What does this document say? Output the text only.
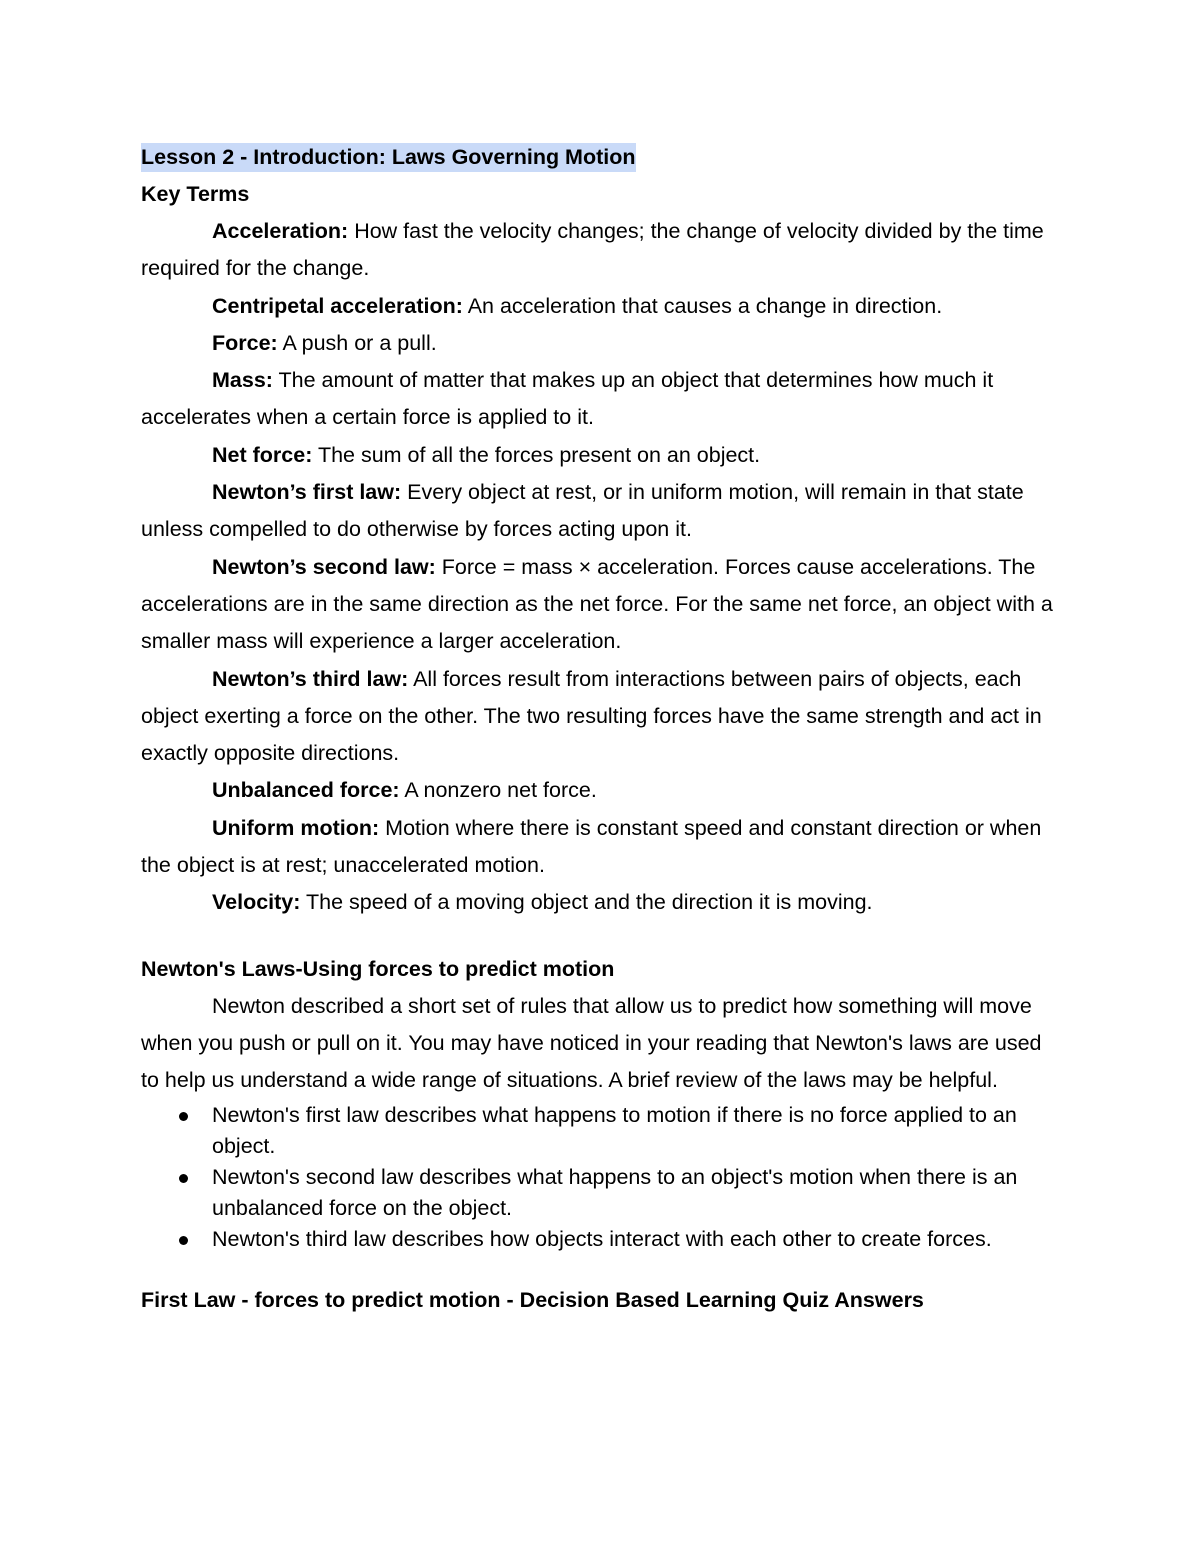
Lesson 2 - Introduction: Laws Governing Motion
Key Terms
Acceleration: How fast the velocity changes; the change of velocity divided by the time required for the change.
Centripetal acceleration: An acceleration that causes a change in direction.
Force: A push or a pull.
Mass: The amount of matter that makes up an object that determines how much it accelerates when a certain force is applied to it.
Net force: The sum of all the forces present on an object.
Newton’s first law: Every object at rest, or in uniform motion, will remain in that state unless compelled to do otherwise by forces acting upon it.
Newton’s second law: Force = mass × acceleration. Forces cause accelerations. The accelerations are in the same direction as the net force. For the same net force, an object with a smaller mass will experience a larger acceleration.
Newton’s third law: All forces result from interactions between pairs of objects, each object exerting a force on the other. The two resulting forces have the same strength and act in exactly opposite directions.
Unbalanced force: A nonzero net force.
Uniform motion: Motion where there is constant speed and constant direction or when the object is at rest; unaccelerated motion.
Velocity: The speed of a moving object and the direction it is moving.
Newton's Laws-Using forces to predict motion
Newton described a short set of rules that allow us to predict how something will move when you push or pull on it. You may have noticed in your reading that Newton's laws are used to help us understand a wide range of situations. A brief review of the laws may be helpful.
Newton's first law describes what happens to motion if there is no force applied to an object.
Newton's second law describes what happens to an object's motion when there is an unbalanced force on the object.
Newton's third law describes how objects interact with each other to create forces.
First Law - forces to predict motion - Decision Based Learning Quiz Answers
